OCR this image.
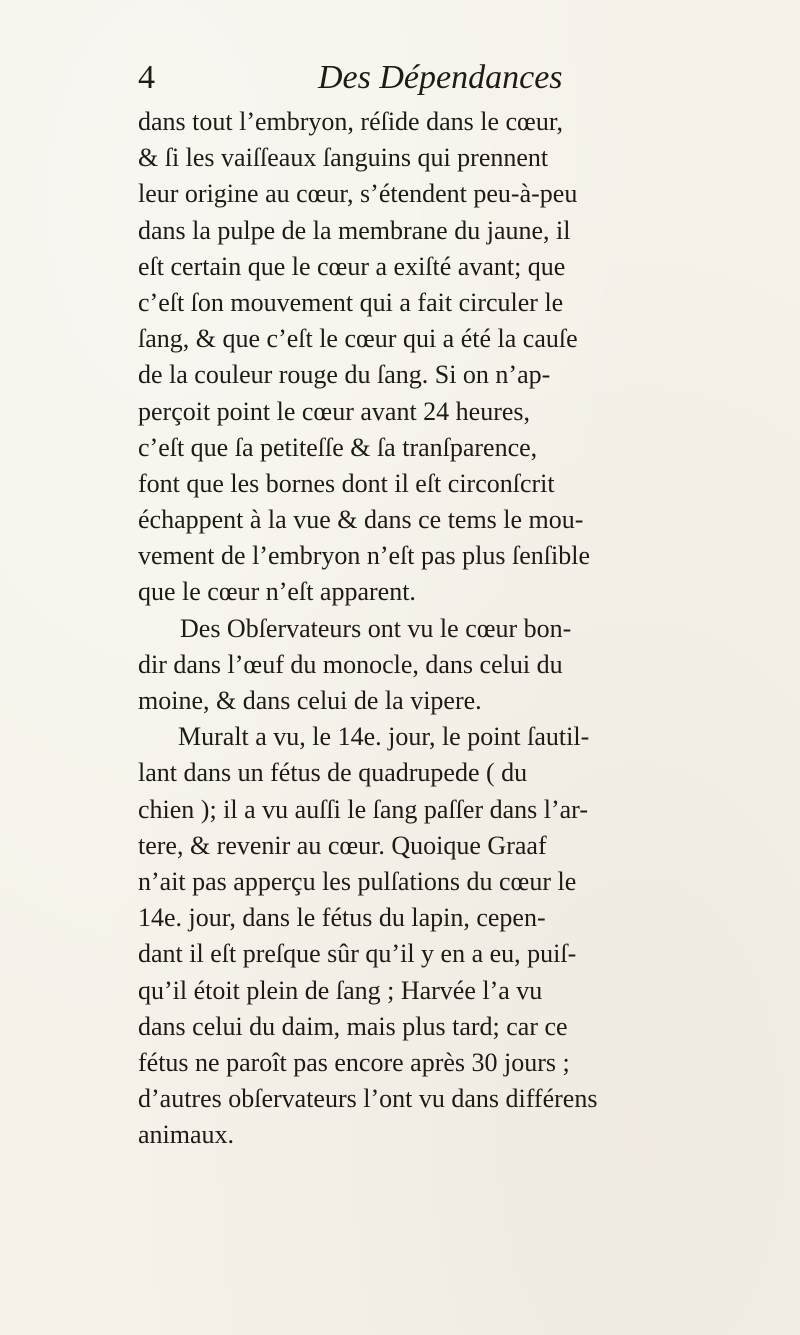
4	Des Dépendances
dans tout l’embryon, réſide dans le cœur,
& ſi les vaiſſeaux ſanguins qui prennent
leur origine au cœur, s’étendent peu-à-peu
dans la pulpe de la membrane du jaune, il
eſt certain que le cœur a exiſté avant; que
c’eſt ſon mouvement qui a fait circuler le
ſang, & que c’eſt le cœur qui a été la cauſe
de la couleur rouge du ſang. Si on n’ap-
perçoit point le cœur avant 24 heures,
c’eſt que ſa petiteſſe & ſa tranſparence,
font que les bornes dont il eſt circonſcrit
échappent à la vue & dans ce tems le mou-
vement de l’embryon n’eſt pas plus ſenſible
que le cœur n’eſt apparent.
Des Obſervateurs ont vu le cœur bon-
dir dans l’œuf du monocle, dans celui du
moine, & dans celui de la vipere.
Muralt a vu, le 14e. jour, le point ſautil-
lant dans un fétus de quadrupede ( du
chien ); il a vu auſſi le ſang paſſer dans l’ar-
tere, & revenir au cœur. Quoique Graaf
n’ait pas apperçu les pulſations du cœur le
14e. jour, dans le fétus du lapin, cepen-
dant il eſt preſque sûr qu’il y en a eu, puiſ-
qu’il étoit plein de ſang ; Harvée l’a vu
dans celui du daim, mais plus tard; car ce
fétus ne paroît pas encore après 30 jours ;
d’autres obſervateurs l’ont vu dans différens
animaux.
